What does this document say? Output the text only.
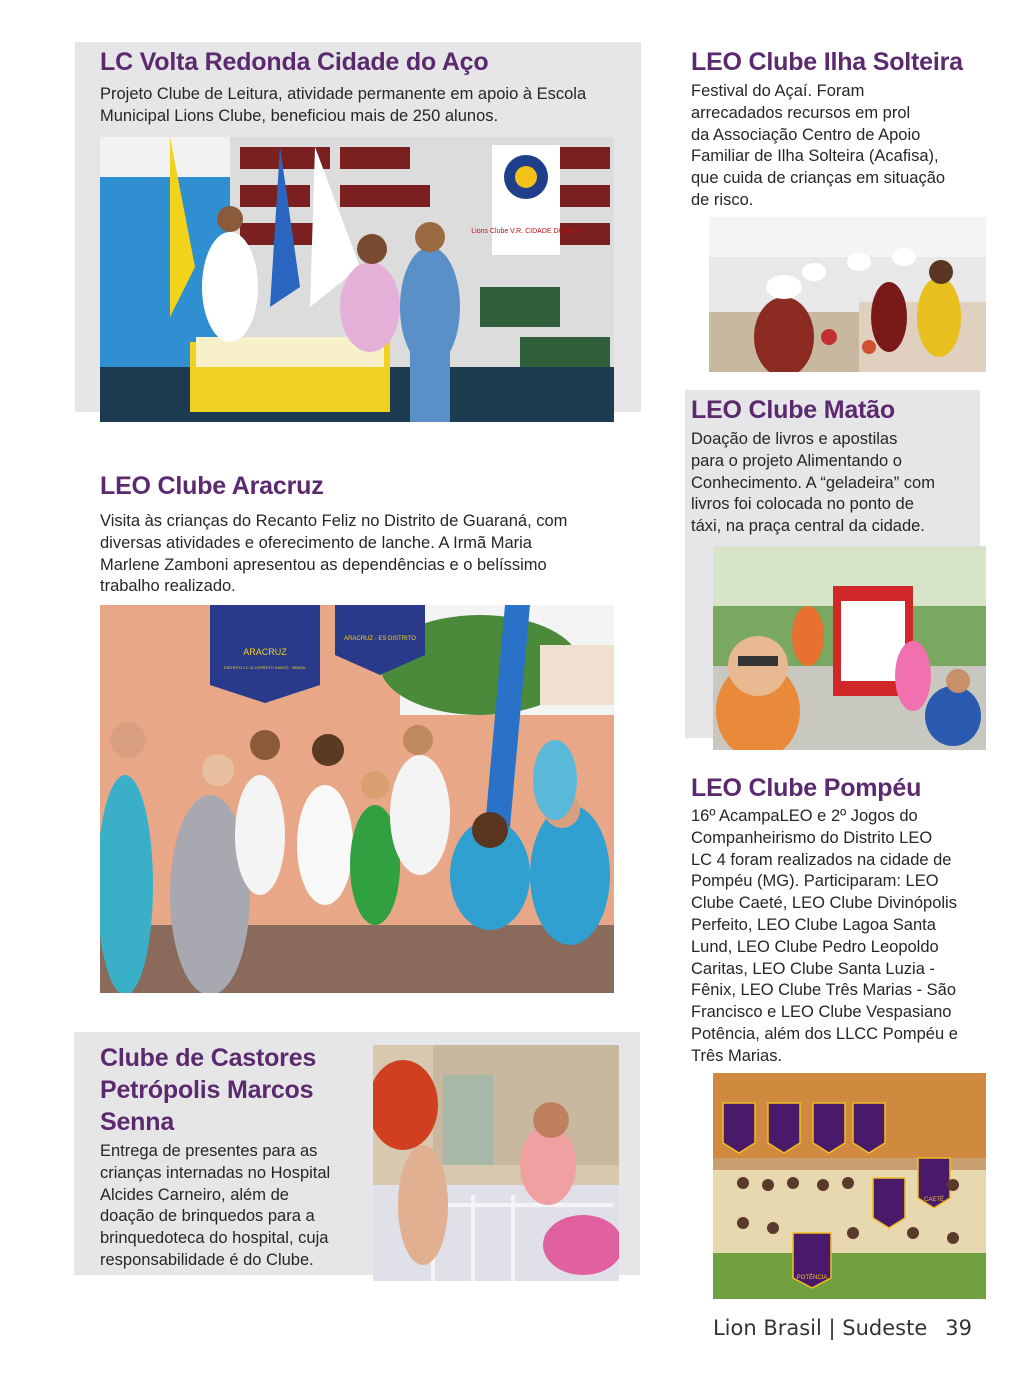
LC Volta Redonda Cidade do Aço

Projeto Clube de Leitura, atividade permanente em apoio à Escola Municipal Lions Clube, beneficiou mais de 250 alunos.

Lions Clube V.R. CIDADE DO AÇO
LEO Clube Ilha Solteira

Festival do Açaí. Foram
arrecadados recursos em prol
da Associação Centro de Apoio
Familiar de Ilha Solteira (Acafisa),
que cuida de crianças em situação
de risco.

LEO Clube Matão

Doação de livros e apostilas
para o projeto Alimentando o
Conhecimento. A “geladeira” com
livros foi colocada no ponto de
táxi, na praça central da cidade.

LEO Clube Aracruz

Visita às crianças do Recanto Feliz no Distrito de Guaraná, com
diversas atividades e oferecimento de lanche. A Irmã Maria
Marlene Zamboni apresentou as dependências e o belíssimo
trabalho realizado.

ARACRUZ
DISTRITO LC-11 ESPÍRITO SANTO - BRASIL
ARACRUZ - ES DISTRITO
LEO Clube Pompéu

16º AcampaLEO e 2º Jogos do
Companheirismo do Distrito LEO
LC 4 foram realizados na cidade de
Pompéu (MG). Participaram: LEO
Clube Caeté, LEO Clube Divinópolis
Perfeito, LEO Clube Lagoa Santa
Lund, LEO Clube Pedro Leopoldo
Caritas, LEO Clube Santa Luzia -
Fênix, LEO Clube Três Marias - São
Francisco e LEO Clube Vespasiano
Potência, além dos LLCC Pompéu e
Três Marias.

CAETÉ
POTÊNCIA
Clube de Castores
Petrópolis Marcos
Senna

Entrega de presentes para as
crianças internadas no Hospital
Alcides Carneiro, além de
doação de brinquedos para a
brinquedoteca do hospital, cuja
responsabilidade é do Clube.

Lion Brasil | Sudeste 39
